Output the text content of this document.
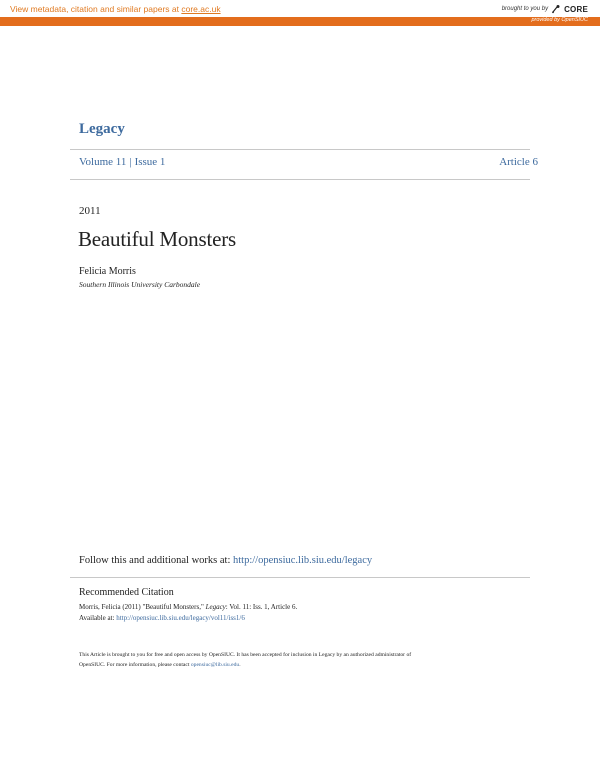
View metadata, citation and similar papers at core.ac.uk	brought to you by CORE
provided by OpenSIUC
Legacy
Volume 11 | Issue 1	Article 6
2011
Beautiful Monsters
Felicia Morris
Southern Illinois University Carbondale
Follow this and additional works at: http://opensiuc.lib.siu.edu/legacy
Recommended Citation
Morris, Felicia (2011) "Beautiful Monsters," Legacy: Vol. 11: Iss. 1, Article 6.
Available at: http://opensiuc.lib.siu.edu/legacy/vol11/iss1/6
This Article is brought to you for free and open access by OpenSIUC. It has been accepted for inclusion in Legacy by an authorized administrator of
OpenSIUC. For more information, please contact opensiuc@lib.siu.edu.
